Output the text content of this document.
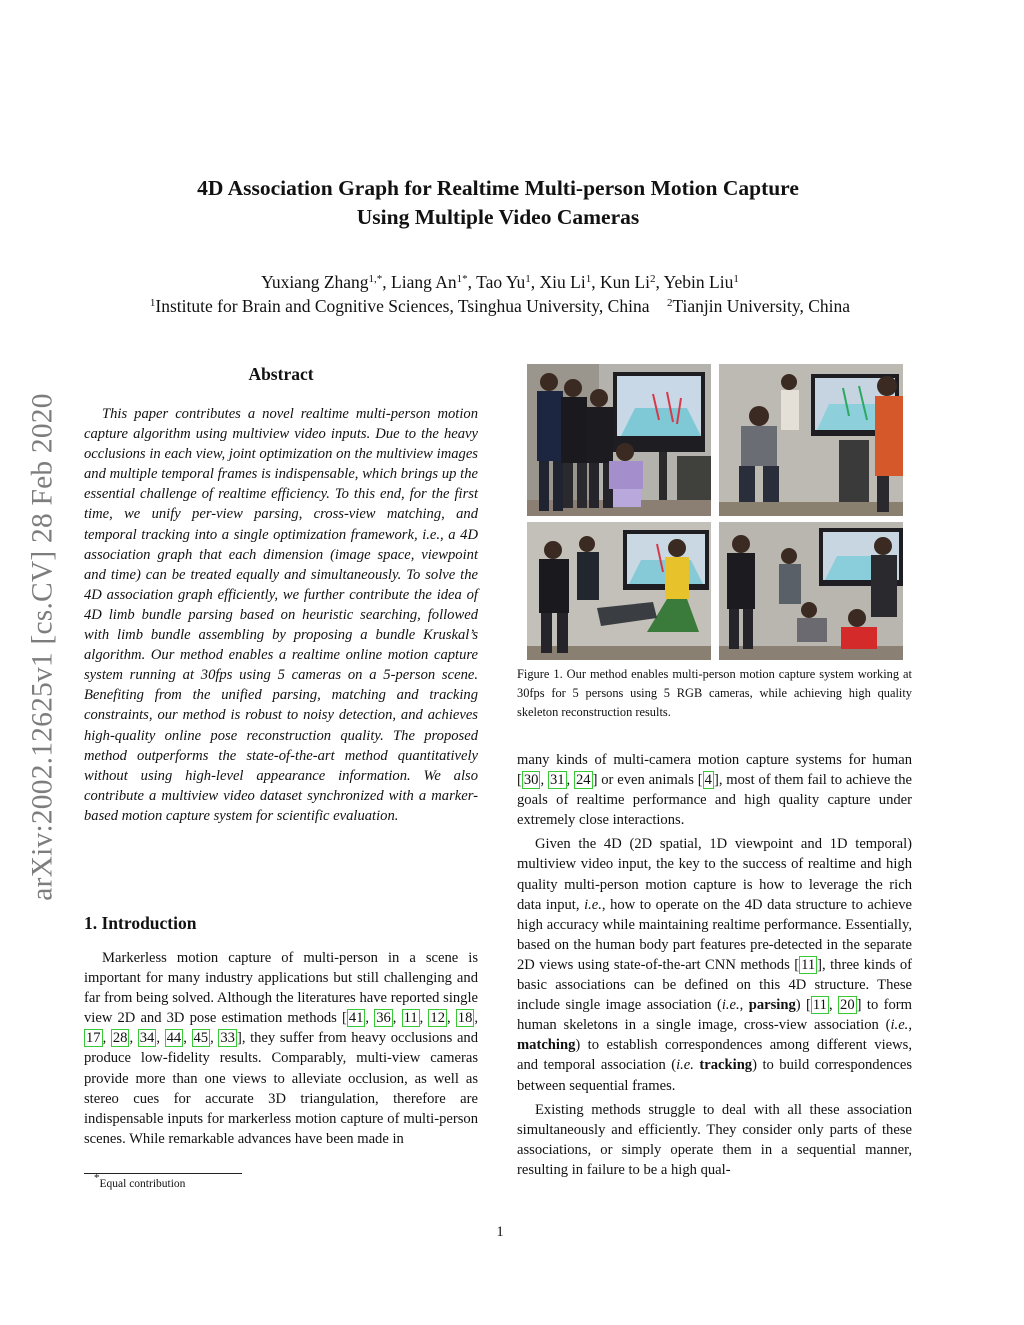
arXiv:2002.12625v1 [cs.CV] 28 Feb 2020
4D Association Graph for Realtime Multi-person Motion Capture
Using Multiple Video Cameras
Yuxiang Zhang$^{1,*}$, Liang $An^{1*}$, Tao Yu$^1$, Xiu Li$^1$, Kun Li$^2$, Yebin Liu$^1$
$^1$Institute for Brain and Cognitive Sciences, Tsinghua University, China $^2$Tianjin University, China
Abstract

This paper contributes a novel realtime multi-person motion capture algorithm using multiview video inputs. Due to the heavy occlusions in each view, joint optimization on the multiview images and multiple temporal frames is indispensable, which brings up the essential challenge of realtime efficiency. To this end, for the first time, we unify per-view parsing, cross-view matching, and temporal tracking into a single optimization framework, i.e., a 4D association graph that each dimension (image space, viewpoint and time) can be treated equally and simultaneously. To solve the 4D association graph efficiently, we further contribute the idea of 4D limb bundle parsing based on heuristic searching, followed with limb bundle assembling by proposing a bundle Kruskal’s algorithm. Our method enables a realtime online motion capture system running at 30fps using 5 cameras on a 5-person scene. Benefiting from the unified parsing, matching and tracking constraints, our method is robust to noisy detection, and achieves high-quality online pose reconstruction quality. The proposed method outperforms the state-of-the-art method quantitatively without using high-level appearance information. We also contribute a multiview video dataset synchronized with a marker-based motion capture system for scientific evaluation.

1. Introduction

Markerless motion capture of multi-person in a scene is important for many industry applications but still challenging and far from being solved. Although the literatures have reported single view 2D and 3D pose estimation methods [ 41 , 36 , 11 , 12 , 18 , 17 , 28 , 34 , 44 , 45 , 33 ], they suffer from heavy occlusions and produce low-fidelity results. Comparably, multi-view cameras provide more than one views to alleviate occlusion, as well as stereo cues for accurate 3D triangulation, therefore are indispensable inputs for markerless motion capture of multi-person scenes. While remarkable advances have been made in

*Equal contribution
Figure 1. Our method enables multi-person motion capture system working at 30fps for 5 persons using 5 RGB cameras, while achieving high quality skeleton reconstruction results.

many kinds of multi-camera motion capture systems for human [ 30 , 31 , 24 ] or even animals [ 4 ], most of them fail to achieve the goals of realtime performance and high quality capture under extremely close interactions.

Given the 4D (2D spatial, 1D viewpoint and 1D temporal) multiview video input, the key to the success of realtime and high quality multi-person motion capture is how to leverage the rich data input, i.e., how to operate on the 4D data structure to achieve high accuracy while maintaining realtime performance. Essentially, based on the human body part features pre-detected in the separate 2D views using state-of-the-art CNN methods [ 11 ], three kinds of basic associations can be defined on this 4D structure. These include single image association (i.e., parsing) [ 11 , 20 ] to form human skeletons in a single image, cross-view association (i.e., matching) to establish correspondences among different views, and temporal association (i.e. tracking) to build correspondences between sequential frames.

Existing methods struggle to deal with all these association simultaneously and efficiently. They consider only parts of these associations, or simply operate them in a sequential manner, resulting in failure to be a high qual-

1
